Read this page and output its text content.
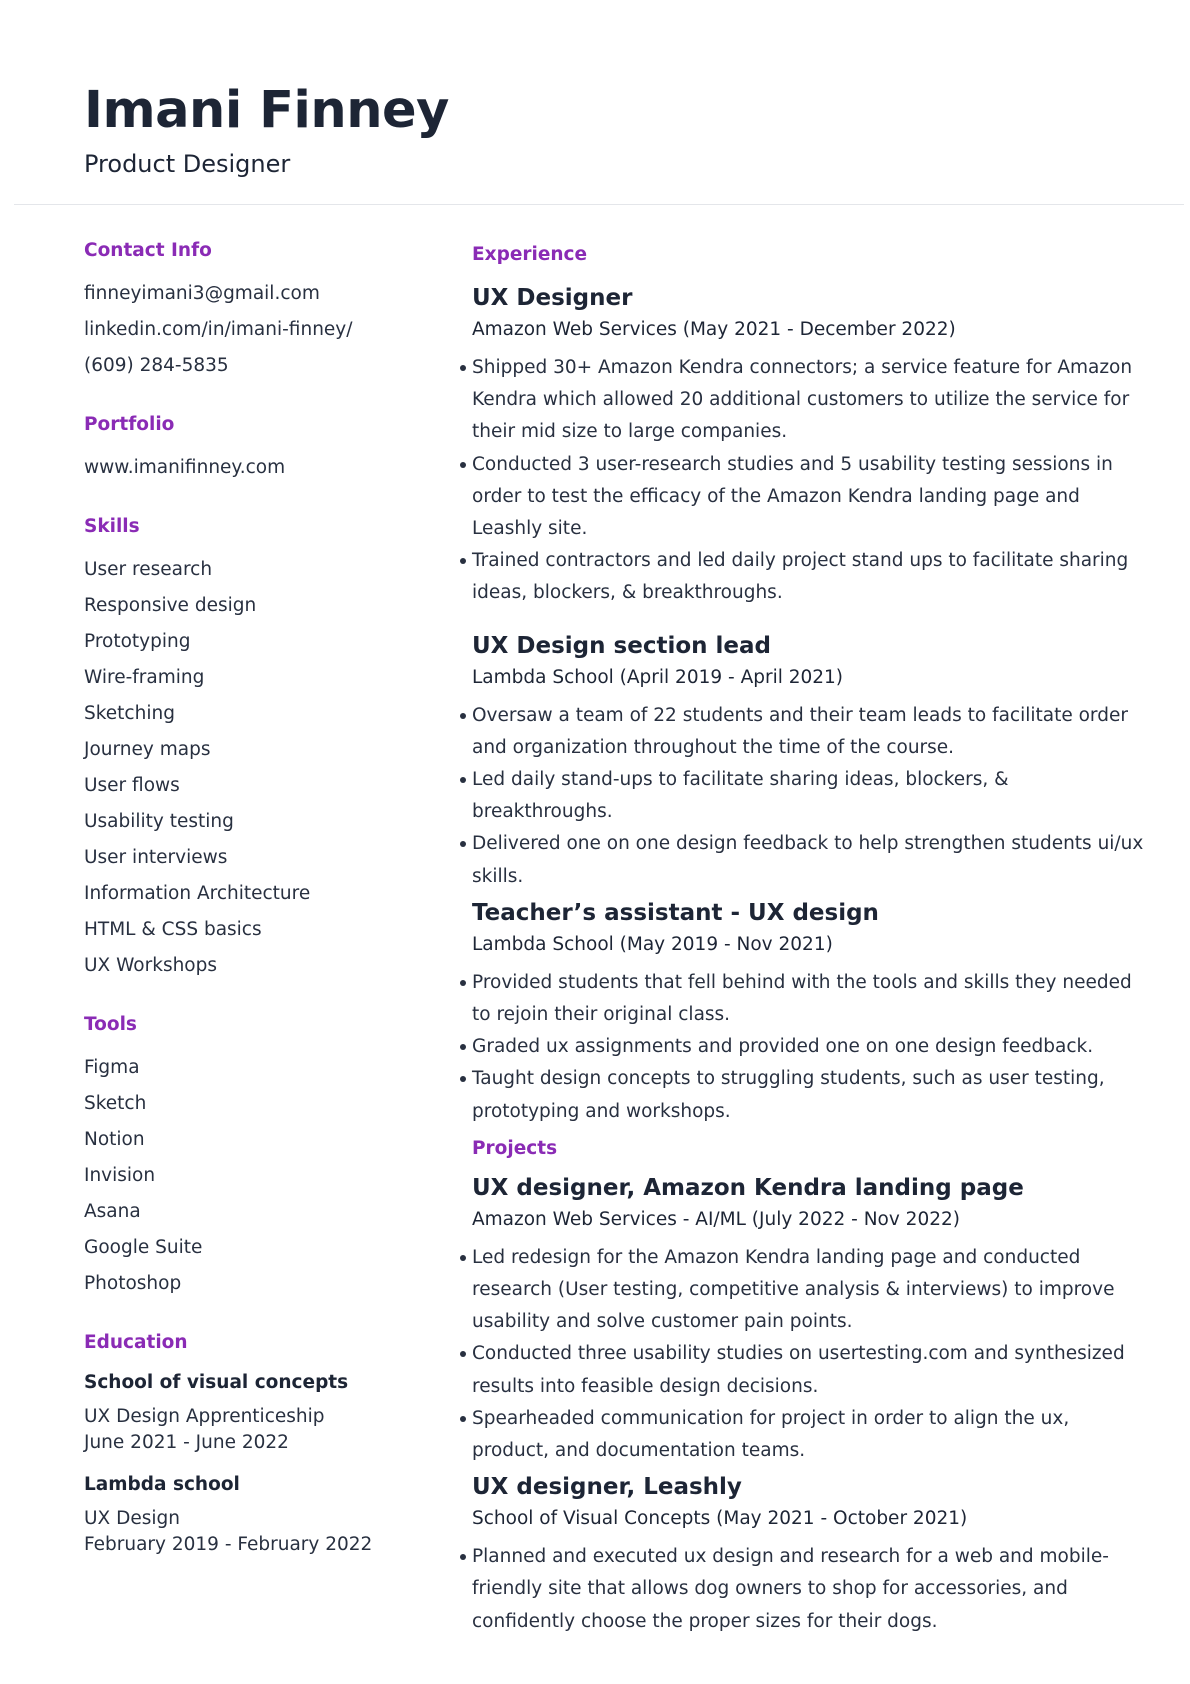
Imani Finney

Product Designer

Contact Info
finneyimani3@gmail.com
linkedin.com/in/imani-finney/
(609) 284-5835
Portfolio
www.imanifinney.com
Skills
User research
Responsive design
Prototyping
Wire-framing
Sketching
Journey maps
User flows
Usability testing
User interviews
Information Architecture
HTML & CSS basics
UX Workshops
Tools
Figma
Sketch
Notion
Invision
Asana
Google Suite
Photoshop
Education
School of visual concepts
UX Design Apprenticeship
June 2021 - June 2022
Lambda school
UX Design
February 2019 - February 2022
Experience
UX Designer

Amazon Web Services (May 2021 - December 2022)

Shipped 30+ Amazon Kendra connectors; a service feature for Amazon Kendra which allowed 20 additional customers to utilize the service for their mid size to large companies.
Conducted 3 user-research studies and 5 usability testing sessions in order to test the efficacy of the Amazon Kendra landing page and Leashly site.
Trained contractors and led daily project stand ups to facilitate sharing ideas, blockers, & breakthroughs.
UX Design section lead

Lambda School (April 2019 - April 2021)

Oversaw a team of 22 students and their team leads to facilitate order and organization throughout the time of the course.
Led daily stand-ups to facilitate sharing ideas, blockers, & breakthroughs.
Delivered one on one design feedback to help strengthen students ui/ux skills.
Teacher’s assistant - UX design

Lambda School (May 2019 - Nov 2021)

Provided students that fell behind with the tools and skills they needed to rejoin their original class.
Graded ux assignments and provided one on one design feedback.
Taught design concepts to struggling students, such as user testing, prototyping and workshops.
Projects
UX designer, Amazon Kendra landing page

Amazon Web Services - AI/ML (July 2022 - Nov 2022)

Led redesign for the Amazon Kendra landing page and conducted research (User testing, competitive analysis & interviews) to improve usability and solve customer pain points.
Conducted three usability studies on usertesting.com and synthesized results into feasible design decisions.
Spearheaded communication for project in order to align the ux, product, and documentation teams.
UX designer, Leashly

School of Visual Concepts (May 2021 - October 2021)

Planned and executed ux design and research for a web and mobile-friendly site that allows dog owners to shop for accessories, and confidently choose the proper sizes for their dogs.
